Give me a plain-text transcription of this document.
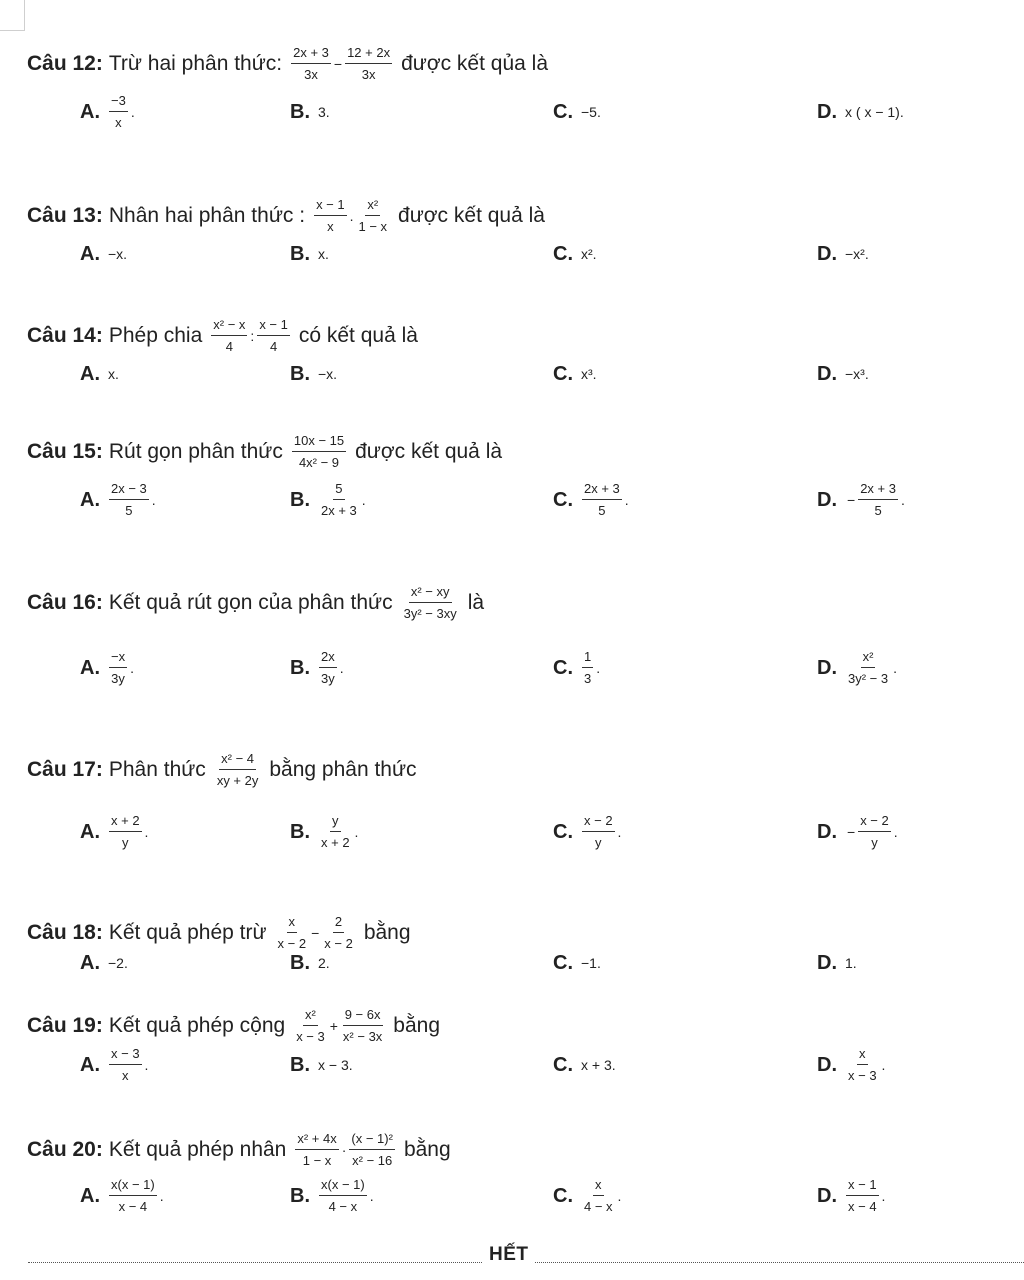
Câu 12: Trừ hai phân thức: $\frac{2x + 3}{3x} - \frac{12 + 2x}{3x}$ được kết qủa là
A. $\frac{-3}{x}$ .	B. 3.	C. −5.	D. x ( x − 1).
Câu 13: Nhân hai phân thức : $\frac{x - 1}{x}$ . $\frac{\text{x²}}{1 - x}$ được kết quả là
A. −x.	B. x.	C. x².	D. −x².
Câu 14: Phép chia $\frac{\text{x² − x}}{4}$ : $\frac{x - 1}{4}$ có kết quả là
A. x.	B. −x.	C. x³.	D. −x³.
Câu 15: Rút gọn phân thức $\frac{10x - 15}{\text{4x² − 9}}$ được kết quả là
A. $\frac{2x - 3}{5}$ .	B. $\frac{5}{2x + 3}$ .	C. $\frac{2x + 3}{5}$ .	D. − $\frac{2x + 3}{5}$ .
Câu 16: Kết quả rút gọn của phân thức $\frac{\text{x² − xy}}{\text{3y² − 3xy}}$ là
A. $\frac{-x}{3y}$ .	B. $\frac{2x}{3y}$ .	C. $\frac{1}{3}$ .	D. $\frac{\text{x²}}{\text{3y² − 3}}$ .
Câu 17: Phân thức $\frac{\text{x² − 4}}{xy + 2y}$ bằng phân thức
A. $\frac{x + 2}{y}$ .	B. $\frac{y}{x + 2}$ .	C. $\frac{x - 2}{y}$ .	D. − $\frac{x - 2}{y}$ .
Câu 18: Kết quả phép trừ $\frac{x}{x - 2} - \frac{2}{x - 2}$ bằng
A. −2.	B. 2.	C. −1.	D. 1.
Câu 19: Kết quả phép cộng $\frac{\text{x²}}{x - 3} + \frac{9 - 6x}{\text{x² − 3x}}$ bằng
A. $\frac{x - 3}{x}$ .	B. x − 3.	C. x + 3.	D. $\frac{x}{x - 3}$ .
Câu 20: Kết quả phép nhân $\frac{\text{x² + 4x}}{1 - x} \cdot \frac{\text{(x − 1)²}}{\text{x² − 16}}$ bằng
A. $\frac{x(x - 1)}{x - 4}$ .	B. $\frac{x(x - 1)}{4 - x}$ .	C. $\frac{x}{4 - x}$ .	D. $\frac{x - 1}{x - 4}$ .
HẾT
